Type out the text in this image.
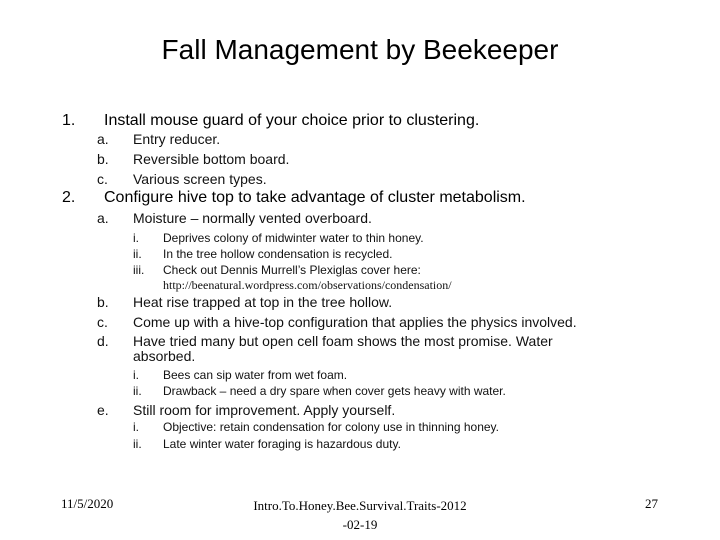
Fall Management by Beekeeper
1. Install mouse guard of your choice prior to clustering.
a. Entry reducer.
b. Reversible bottom board.
c. Various screen types.
2. Configure hive top to take advantage of cluster metabolism.
a. Moisture – normally vented overboard.
i. Deprives colony of midwinter water to thin honey.
ii. In the tree hollow condensation is recycled.
iii. Check out Dennis Murrell’s Plexiglas cover here:
http://beenatural.wordpress.com/observations/condensation/
b. Heat rise trapped at top in the tree hollow.
c. Come up with a hive-top configuration that applies the physics involved.
d. Have tried many but open cell foam shows the most promise. Water
absorbed.
i. Bees can sip water from wet foam.
ii. Drawback – need a dry spare when cover gets heavy with water.
e. Still room for improvement. Apply yourself.
i. Objective: retain condensation for colony use in thinning honey.
ii. Late winter water foraging is hazardous duty.
11/5/2020	Intro.To.Honey.Bee.Survival.Traits-2012
-02-19
27
